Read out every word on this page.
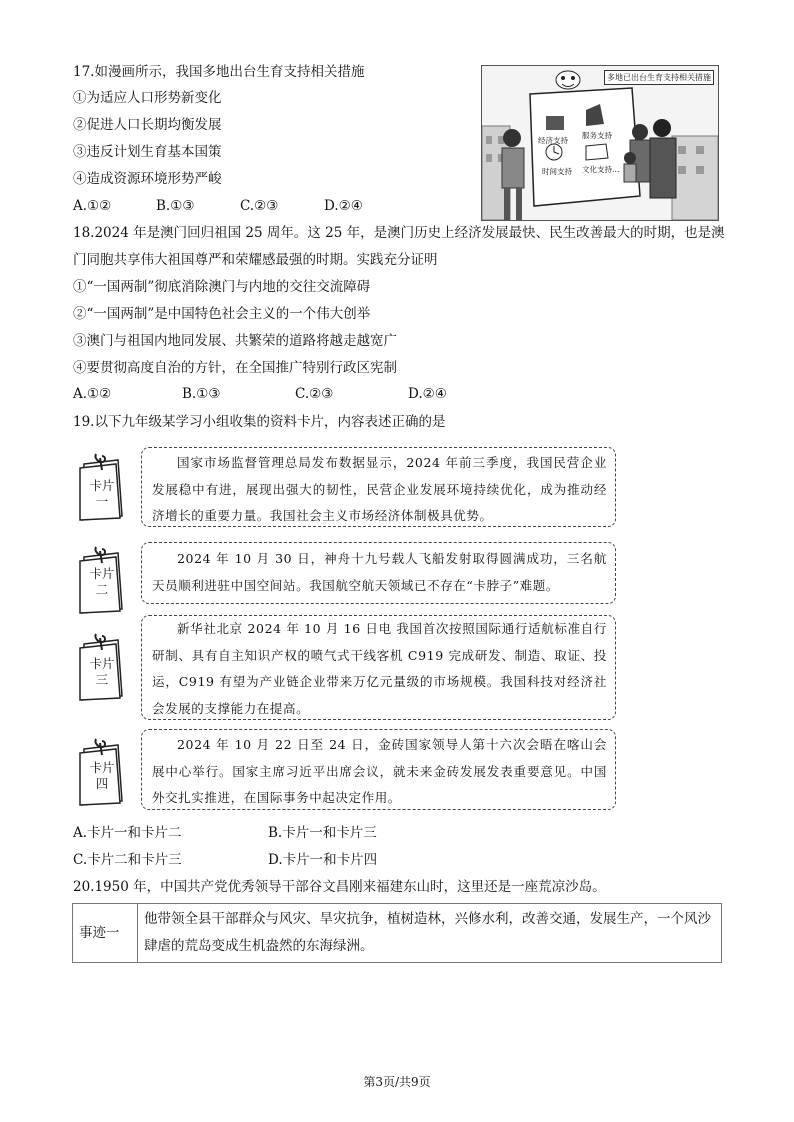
17.如漫画所示，我国多地出台生育支持相关措施
①为适应人口形势新变化
②促进人口长期均衡发展
③违反计划生育基本国策
④造成资源环境形势严峻
A.①②	B.①③	C.②③	D.②④
多地已出台生育支持相关措施
经济支持
服务支持
时间支持 文化支持…
18.2024 年是澳门回归祖国 25 周年。这 25 年，是澳门历史上经济发展最快、民生改善最大的时期，也是澳
门同胞共享伟大祖国尊严和荣耀感最强的时期。实践充分证明
①“一国两制”彻底消除澳门与内地的交往交流障碍
②“一国两制”是中国特色社会主义的一个伟大创举
③澳门与祖国内地同发展、共繁荣的道路将越走越宽广
④要贯彻高度自治的方针，在全国推广特别行政区宪制
A.①②	B.①③	C.②③	D.②④
19.以下九年级某学习小组收集的资料卡片，内容表述正确的是
卡片
一
国家市场监督管理总局发布数据显示，2024 年前三季度，我国民营企业发展稳中有进，展现出强大的韧性，民营企业发展环境持续优化，成为推动经济增长的重要力量。我国社会主义市场经济体制极具优势。
卡片
二
2024 年 10 月 30 日，神舟十九号载人飞船发射取得圆满成功，三名航天员顺利进驻中国空间站。我国航空航天领域已不存在“卡脖子”难题。
卡片
三
新华社北京 2024 年 10 月 16 日电 我国首次按照国际通行适航标准自行研制、具有自主知识产权的喷气式干线客机 C919 完成研发、制造、取证、投运，C919 有望为产业链企业带来万亿元量级的市场规模。我国科技对经济社会发展的支撑能力在提高。
卡片
四
2024 年 10 月 22 日至 24 日，金砖国家领导人第十六次会晤在喀山会展中心举行。国家主席习近平出席会议，就未来金砖发展发表重要意见。中国外交扎实推进，在国际事务中起决定作用。
A.卡片一和卡片二	B.卡片一和卡片三
C.卡片二和卡片三	D.卡片一和卡片四
20.1950 年，中国共产党优秀领导干部谷文昌刚来福建东山时，这里还是一座荒凉沙岛。
事迹一	他带领全县干部群众与风灾、旱灾抗争，植树造林，兴修水利，改善交通，发展生产，一个风沙肆虐的荒岛变成生机盎然的东海绿洲。
第3页/共9页
